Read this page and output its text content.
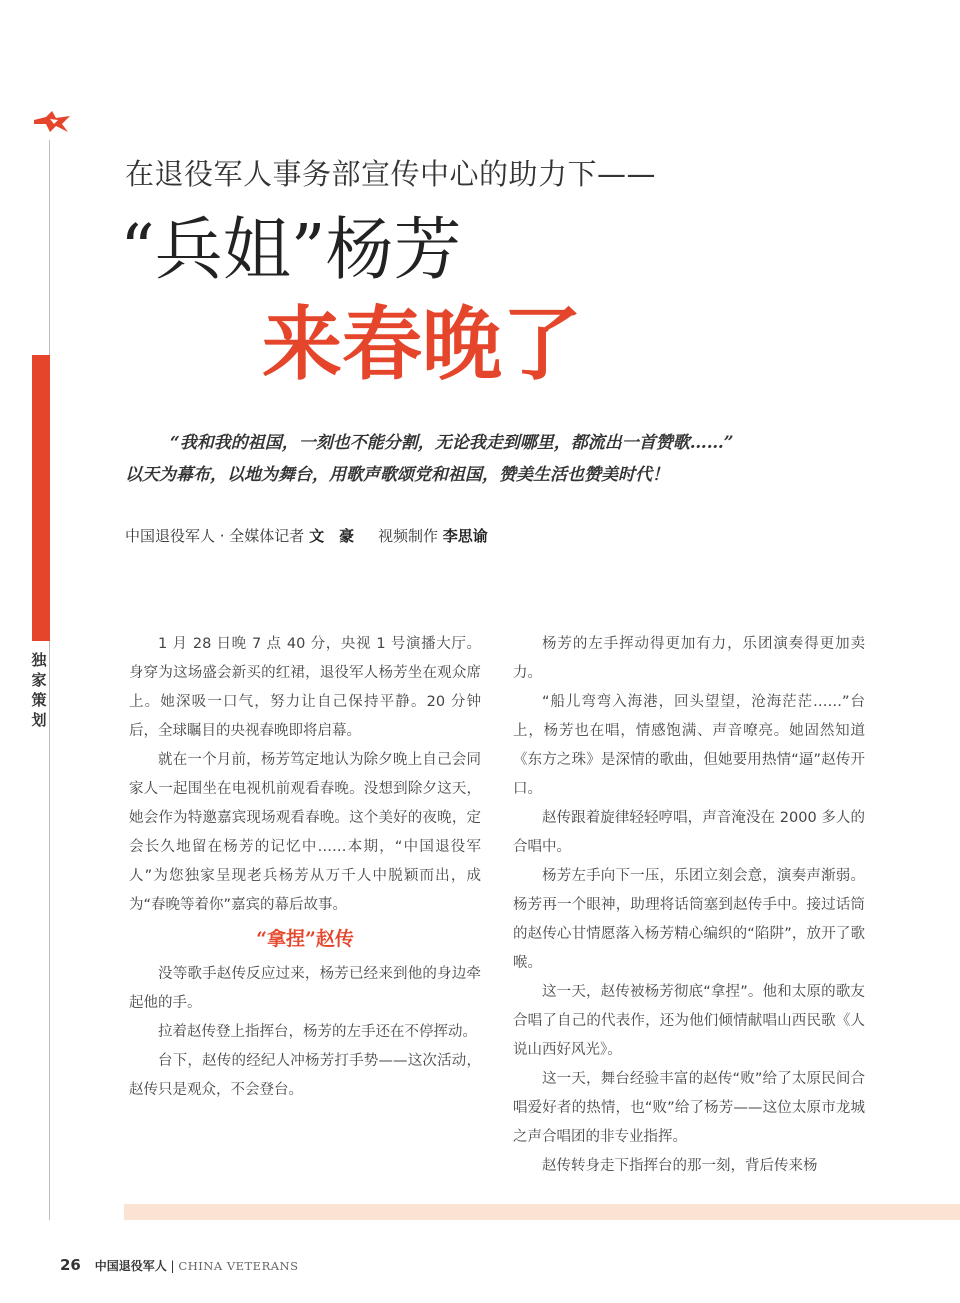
独家策划
在退役军人事务部宣传中心的助力下——
“兵姐”杨芳
来春晚了
“我和我的祖国，一刻也不能分割，无论我走到哪里，都流出一首赞歌……”
以天为幕布，以地为舞台，用歌声歌颂党和祖国，赞美生活也赞美时代！
中国退役军人 · 全媒体记者 文　豪 视频制作 李思谕

1 月 28 日晚 7 点 40 分，央视 1 号演播大厅。身穿为这场盛会新买的红裙，退役军人杨芳坐在观众席上。她深吸一口气，努力让自己保持平静。20 分钟后，全球瞩目的央视春晚即将启幕。

就在一个月前，杨芳笃定地认为除夕晚上自己会同家人一起围坐在电视机前观看春晚。没想到除夕这天，她会作为特邀嘉宾现场观看春晚。这个美好的夜晚，定会长久地留在杨芳的记忆中……本期，“中国退役军人”为您独家呈现老兵杨芳从万千人中脱颖而出，成为“春晚等着你”嘉宾的幕后故事。

“拿捏”赵传

没等歌手赵传反应过来，杨芳已经来到他的身边牵起他的手。

拉着赵传登上指挥台，杨芳的左手还在不停挥动。

台下，赵传的经纪人冲杨芳打手势——这次活动，赵传只是观众，不会登台。

杨芳的左手挥动得更加有力，乐团演奏得更加卖力。

“船儿弯弯入海港，回头望望，沧海茫茫……”台上，杨芳也在唱，情感饱满、声音嘹亮。她固然知道《东方之珠》是深情的歌曲，但她要用热情“逼”赵传开口。

赵传跟着旋律轻轻哼唱，声音淹没在 2000 多人的合唱中。

杨芳左手向下一压，乐团立刻会意，演奏声渐弱。杨芳再一个眼神，助理将话筒塞到赵传手中。接过话筒的赵传心甘情愿落入杨芳精心编织的“陷阱”，放开了歌喉。

这一天，赵传被杨芳彻底“拿捏”。他和太原的歌友合唱了自己的代表作，还为他们倾情献唱山西民歌《人说山西好风光》。

这一天，舞台经验丰富的赵传“败”给了太原民间合唱爱好者的热情，也“败”给了杨芳——这位太原市龙城之声合唱团的非专业指挥。

赵传转身走下指挥台的那一刻，背后传来杨

26 中国退役军人 | CHINA VETERANS
